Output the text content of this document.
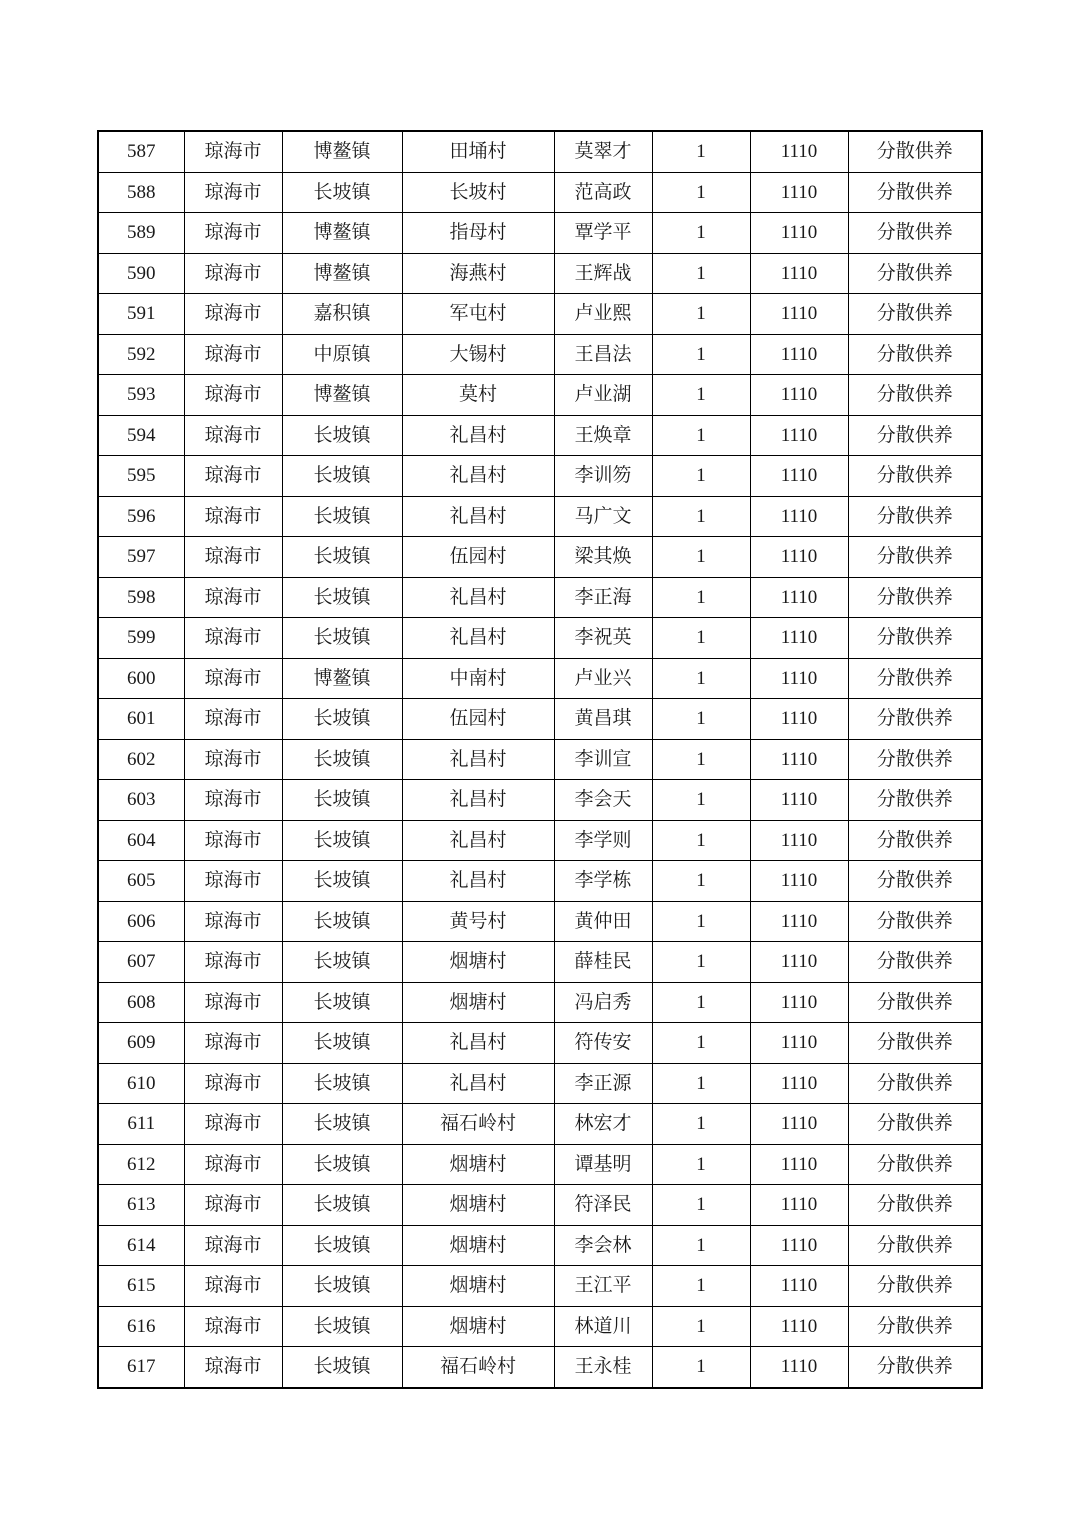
587	琼海市	博鳌镇	田埇村	莫翠才	1	1110	分散供养
588	琼海市	长坡镇	长坡村	范高政	1	1110	分散供养
589	琼海市	博鳌镇	指母村	覃学平	1	1110	分散供养
590	琼海市	博鳌镇	海燕村	王辉战	1	1110	分散供养
591	琼海市	嘉积镇	军屯村	卢业熙	1	1110	分散供养
592	琼海市	中原镇	大锡村	王昌法	1	1110	分散供养
593	琼海市	博鳌镇	莫村	卢业湖	1	1110	分散供养
594	琼海市	长坡镇	礼昌村	王焕章	1	1110	分散供养
595	琼海市	长坡镇	礼昌村	李训笏	1	1110	分散供养
596	琼海市	长坡镇	礼昌村	马广文	1	1110	分散供养
597	琼海市	长坡镇	伍园村	梁其焕	1	1110	分散供养
598	琼海市	长坡镇	礼昌村	李正海	1	1110	分散供养
599	琼海市	长坡镇	礼昌村	李祝英	1	1110	分散供养
600	琼海市	博鳌镇	中南村	卢业兴	1	1110	分散供养
601	琼海市	长坡镇	伍园村	黄昌琪	1	1110	分散供养
602	琼海市	长坡镇	礼昌村	李训宣	1	1110	分散供养
603	琼海市	长坡镇	礼昌村	李会天	1	1110	分散供养
604	琼海市	长坡镇	礼昌村	李学则	1	1110	分散供养
605	琼海市	长坡镇	礼昌村	李学栋	1	1110	分散供养
606	琼海市	长坡镇	黄号村	黄仲田	1	1110	分散供养
607	琼海市	长坡镇	烟塘村	薛桂民	1	1110	分散供养
608	琼海市	长坡镇	烟塘村	冯启秀	1	1110	分散供养
609	琼海市	长坡镇	礼昌村	符传安	1	1110	分散供养
610	琼海市	长坡镇	礼昌村	李正源	1	1110	分散供养
611	琼海市	长坡镇	福石岭村	林宏才	1	1110	分散供养
612	琼海市	长坡镇	烟塘村	谭基明	1	1110	分散供养
613	琼海市	长坡镇	烟塘村	符泽民	1	1110	分散供养
614	琼海市	长坡镇	烟塘村	李会林	1	1110	分散供养
615	琼海市	长坡镇	烟塘村	王江平	1	1110	分散供养
616	琼海市	长坡镇	烟塘村	林道川	1	1110	分散供养
617	琼海市	长坡镇	福石岭村	王永桂	1	1110	分散供养
